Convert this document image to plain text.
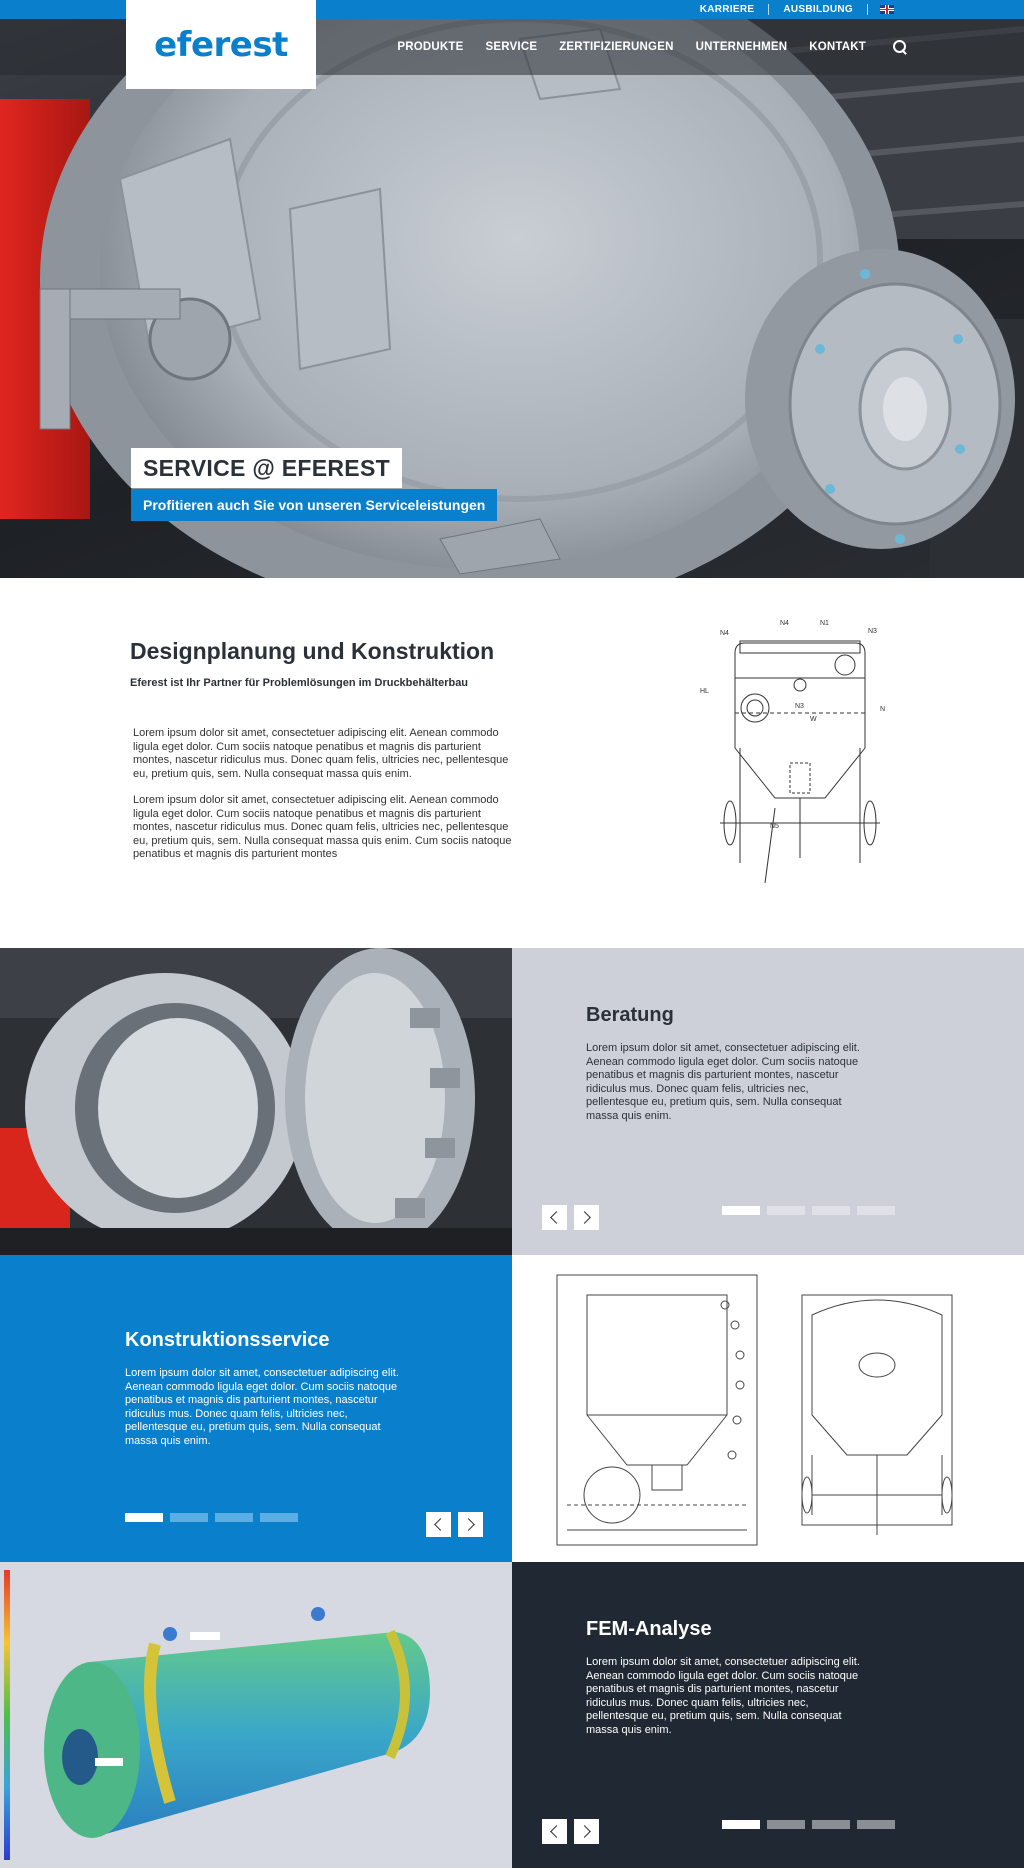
KARRIERE	AUSBILDUNG
eferest	PRODUKTE SERVICE ZERTIFIZIERUNGEN UNTERNEHMEN KONTAKT
SERVICE @ EFEREST
Profitieren auch Sie von unseren Serviceleistungen
Designplanung und Konstruktion
Eferest ist Ihr Partner für Problemlösungen im Druckbehälterbau

Lorem ipsum dolor sit amet, consectetuer adipiscing elit. Aenean commodo ligula eget dolor. Cum sociis natoque penatibus et magnis dis parturient montes, nascetur ridiculus mus. Donec quam felis, ultricies nec, pellentesque eu, pretium quis, sem. Nulla consequat massa quis enim.

Lorem ipsum dolor sit amet, consectetuer adipiscing elit. Aenean commodo ligula eget dolor. Cum sociis natoque penatibus et magnis dis parturient montes, nascetur ridiculus mus. Donec quam felis, ultricies nec, pellentesque eu, pretium quis, sem. Nulla consequat massa quis enim. Cum sociis natoque penatibus et magnis dis parturient montes

N4
N4	N1
N3
HL
W
N3	N
N5
Beratung

Lorem ipsum dolor sit amet, consectetuer adipiscing elit. Aenean commodo ligula eget dolor. Cum sociis natoque penatibus et magnis dis parturient montes, nascetur ridiculus mus. Donec quam felis, ultricies nec, pellentesque eu, pretium quis, sem. Nulla consequat massa quis enim.

Konstruktionsservice

Lorem ipsum dolor sit amet, consectetuer adipiscing elit. Aenean commodo ligula eget dolor. Cum sociis natoque penatibus et magnis dis parturient montes, nascetur ridiculus mus. Donec quam felis, ultricies nec, pellentesque eu, pretium quis, sem. Nulla consequat massa quis enim.

FEM-Analyse

Lorem ipsum dolor sit amet, consectetuer adipiscing elit. Aenean commodo ligula eget dolor. Cum sociis natoque penatibus et magnis dis parturient montes, nascetur ridiculus mus. Donec quam felis, ultricies nec, pellentesque eu, pretium quis, sem. Nulla consequat massa quis enim.
